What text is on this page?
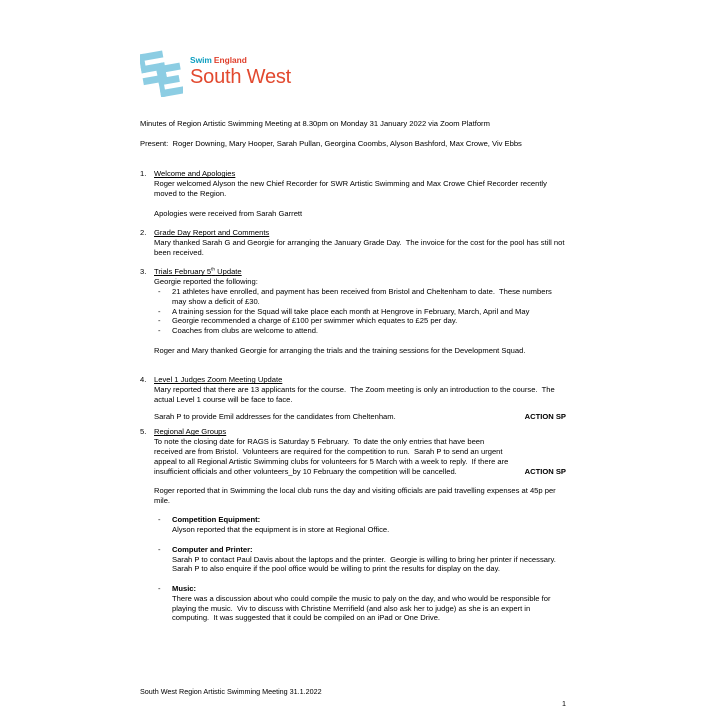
Swim England
South West

Minutes of Region Artistic Swimming Meeting at 8.30pm on Monday 31 January 2022 via Zoom Platform

Present:  Roger Downing, Mary Hooper, Sarah Pullan, Georgina Coombs, Alyson Bashford, Max Crowe, Viv Ebbs

1.	Welcome and Apologies

Roger welcomed Alyson the new Chief Recorder for SWR Artistic Swimming and Max Crowe Chief Recorder recently moved to the Region.

Apologies were received from Sarah Garrett

2.	Grade Day Report and Comments

Mary thanked Sarah G and Georgie for arranging the January Grade Day.  The invoice for the cost for the pool has still not been received.

3.	Trials February 5th Update

Georgie reported the following:

- 21 athletes have enrolled, and payment has been received from Bristol and Cheltenham to date.  These numbers may show a deficit of £30.
- A training session for the Squad will take place each month at Hengrove in February, March, April and May
- Georgie recommended a charge of £100 per swimmer which equates to £25 per day.
- Coaches from clubs are welcome to attend.

Roger and Mary thanked Georgie for arranging the trials and the training sessions for the Development Squad.

4.	Level 1 Judges Zoom Meeting Update

Mary reported that there are 13 applicants for the course.  The Zoom meeting is only an introduction to the course.  The actual Level 1 course will be face to face.

Sarah P to provide Emil addresses for the candidates from Cheltenham.	ACTION SP

5.	Regional Age Groups

To note the closing date for RAGS is Saturday 5 February.  To date the only entries that have been received are from Bristol.  Volunteers are required for the competition to run.  Sarah P to send an urgent appeal to all Regional Artistic Swimming clubs for volunteers for 5 March with a week to reply.  If there are insufficient officials and other volunteers_by 10 February the competition will be cancelled.	ACTION SP

Roger reported that in Swimming the local club runs the day and visiting officials are paid travelling expenses at 45p per mile.

- Competition Equipment:
Alyson reported that the equipment is in store at Regional Office.
- Computer and Printer:
Sarah P to contact Paul Davis about the laptops and the printer.  Georgie is willing to bring her printer if necessary.  Sarah P to also enquire if the pool office would be willing to print the results for display on the day.
- Music:
There was a discussion about who could compile the music to paly on the day, and who would be responsible for playing the music.  Viv to discuss with Christine Merrifield (and also ask her to judge) as she is an expert in computing.  It was suggested that it could be compiled on an iPad or One Drive.
South West Region Artistic Swimming Meeting 31.1.2022
1
